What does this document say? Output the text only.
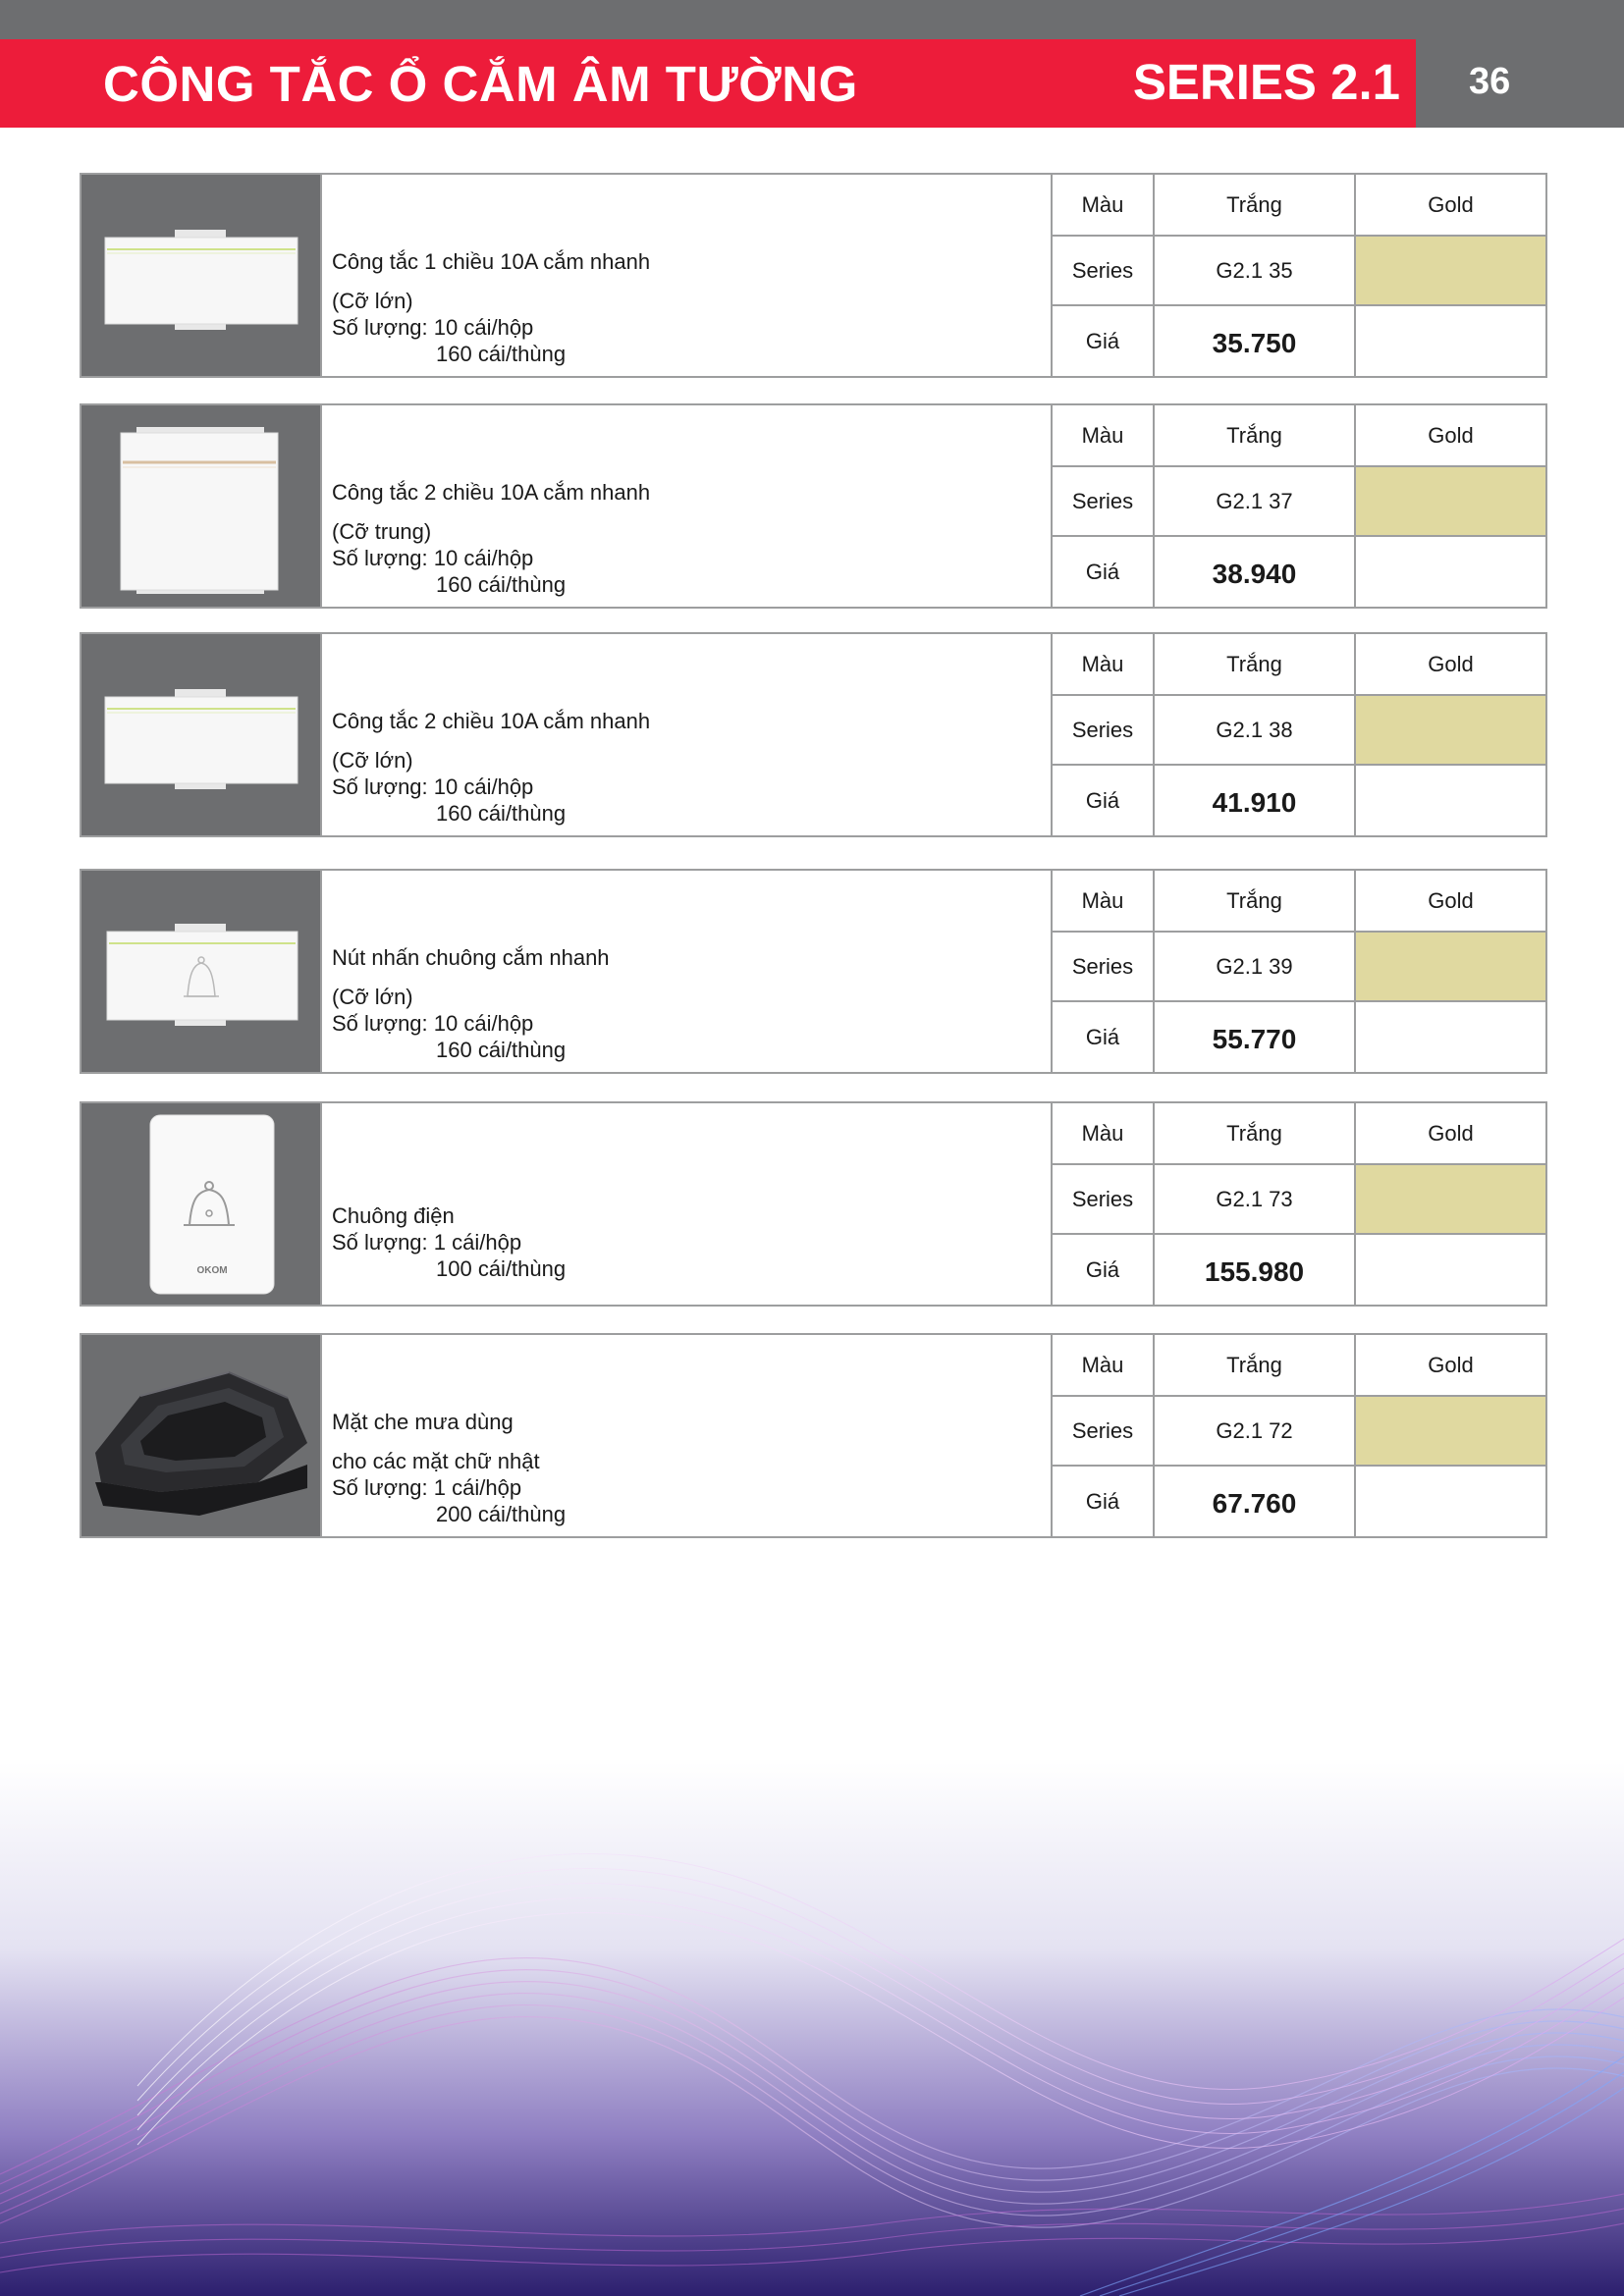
CÔNG TẮC Ổ CẮM ÂM TƯỜNG	SERIES 2.1 36
Công tắc 1 chiều 10A cắm nhanh
(Cỡ lớn)
Số lượng: 10 cái/hộp
160 cái/thùng
Màu	Trắng	Gold
Series	G2.1 35
Giá	35.750
Công tắc 2 chiều 10A cắm nhanh
(Cỡ trung)
Số lượng: 10 cái/hộp
160 cái/thùng
Màu	Trắng	Gold
Series	G2.1 37
Giá	38.940
Công tắc 2 chiều 10A cắm nhanh
(Cỡ lớn)
Số lượng: 10 cái/hộp
160 cái/thùng
Màu	Trắng	Gold
Series	G2.1 38
Giá	41.910
Nút nhấn chuông cắm nhanh
(Cỡ lớn)
Số lượng: 10 cái/hộp
160 cái/thùng
Màu	Trắng	Gold
Series	G2.1 39
Giá	55.770
OKOM
Chuông điện
Số lượng: 1 cái/hộp
100 cái/thùng
Màu	Trắng	Gold
Series	G2.1 73
Giá	155.980
Mặt che mưa dùng
cho các mặt chữ nhật
Số lượng: 1 cái/hộp
200 cái/thùng
Màu	Trắng	Gold
Series	G2.1 72
Giá	67.760
